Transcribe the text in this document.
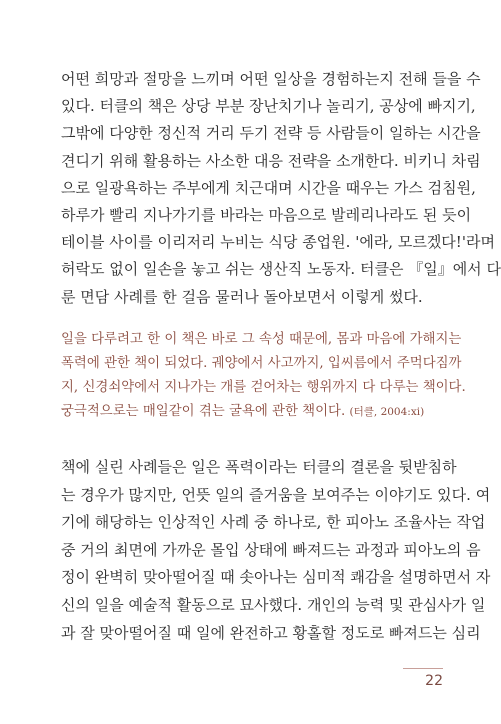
어떤 희망과 절망을 느끼며 어떤 일상을 경험하는지 전해 들을 수
있다. 터클의 책은 상당 부분 장난치기나 놀리기, 공상에 빠지기,
그밖에 다양한 정신적 거리 두기 전략 등 사람들이 일하는 시간을
견디기 위해 활용하는 사소한 대응 전략을 소개한다. 비키니 차림
으로 일광욕하는 주부에게 치근대며 시간을 때우는 가스 검침원,
하루가 빨리 지나가기를 바라는 마음으로 발레리나라도 된 듯이
테이블 사이를 이리저리 누비는 식당 종업원. '에라, 모르겠다!'라며
허락도 없이 일손을 놓고 쉬는 생산직 노동자. 터클은 『일』에서 다
룬 면담 사례를 한 걸음 물러나 돌아보면서 이렇게 썼다.
일을 다루려고 한 이 책은 바로 그 속성 때문에, 몸과 마음에 가해지는
폭력에 관한 책이 되었다. 궤양에서 사고까지, 입씨름에서 주먹다짐까
지, 신경쇠약에서 지나가는 개를 걷어차는 행위까지 다 다루는 책이다.
궁극적으로는 매일같이 겪는 굴욕에 관한 책이다. (터클, 2004:xi)
책에 실린 사례들은 일은 폭력이라는 터클의 결론을 뒷받침하
는 경우가 많지만, 언뜻 일의 즐거움을 보여주는 이야기도 있다. 여
기에 해당하는 인상적인 사례 중 하나로, 한 피아노 조율사는 작업
중 거의 최면에 가까운 몰입 상태에 빠져드는 과정과 피아노의 음
정이 완벽히 맞아떨어질 때 솟아나는 심미적 쾌감을 설명하면서 자
신의 일을 예술적 활동으로 묘사했다. 개인의 능력 및 관심사가 일
과 잘 맞아떨어질 때 일에 완전하고 황홀할 정도로 빠져드는 심리
22
